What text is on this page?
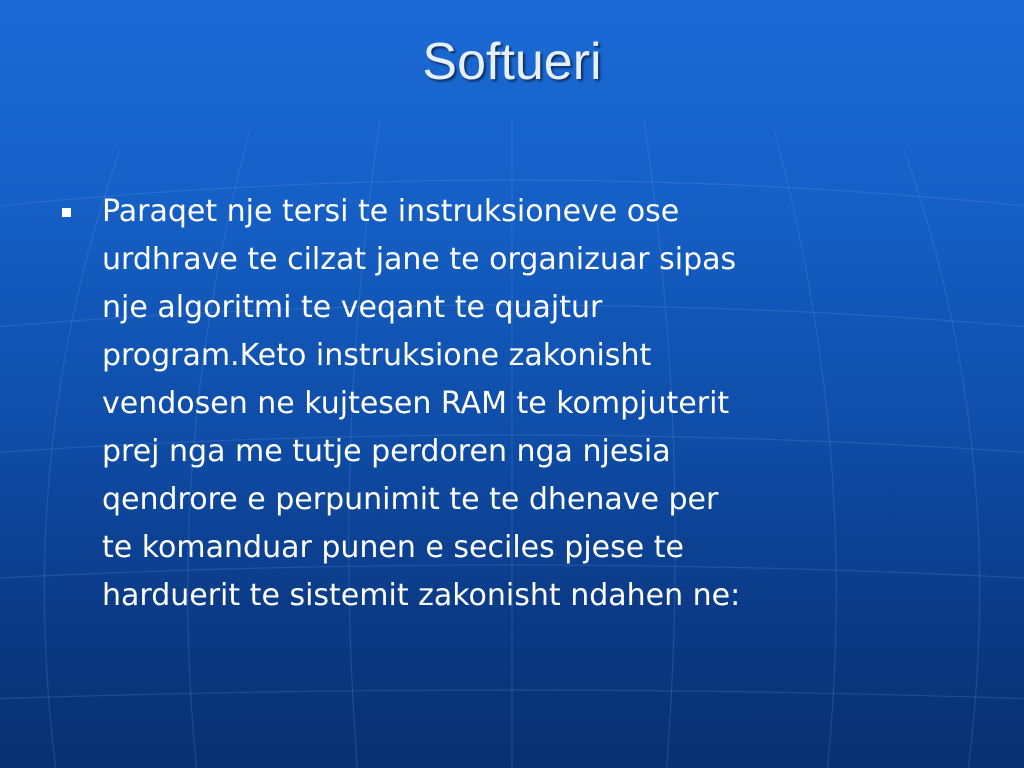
Softueri
Paraqet nje tersi te instruksioneve ose
urdhrave te cilzat jane te organizuar sipas
nje algoritmi te veqant te quajtur
program.Keto instruksione zakonisht
vendosen ne kujtesen RAM te kompjuterit
prej nga me tutje perdoren nga njesia
qendrore e perpunimit te te dhenave per
te komanduar punen e seciles pjese te
harduerit te sistemit zakonisht ndahen ne:
